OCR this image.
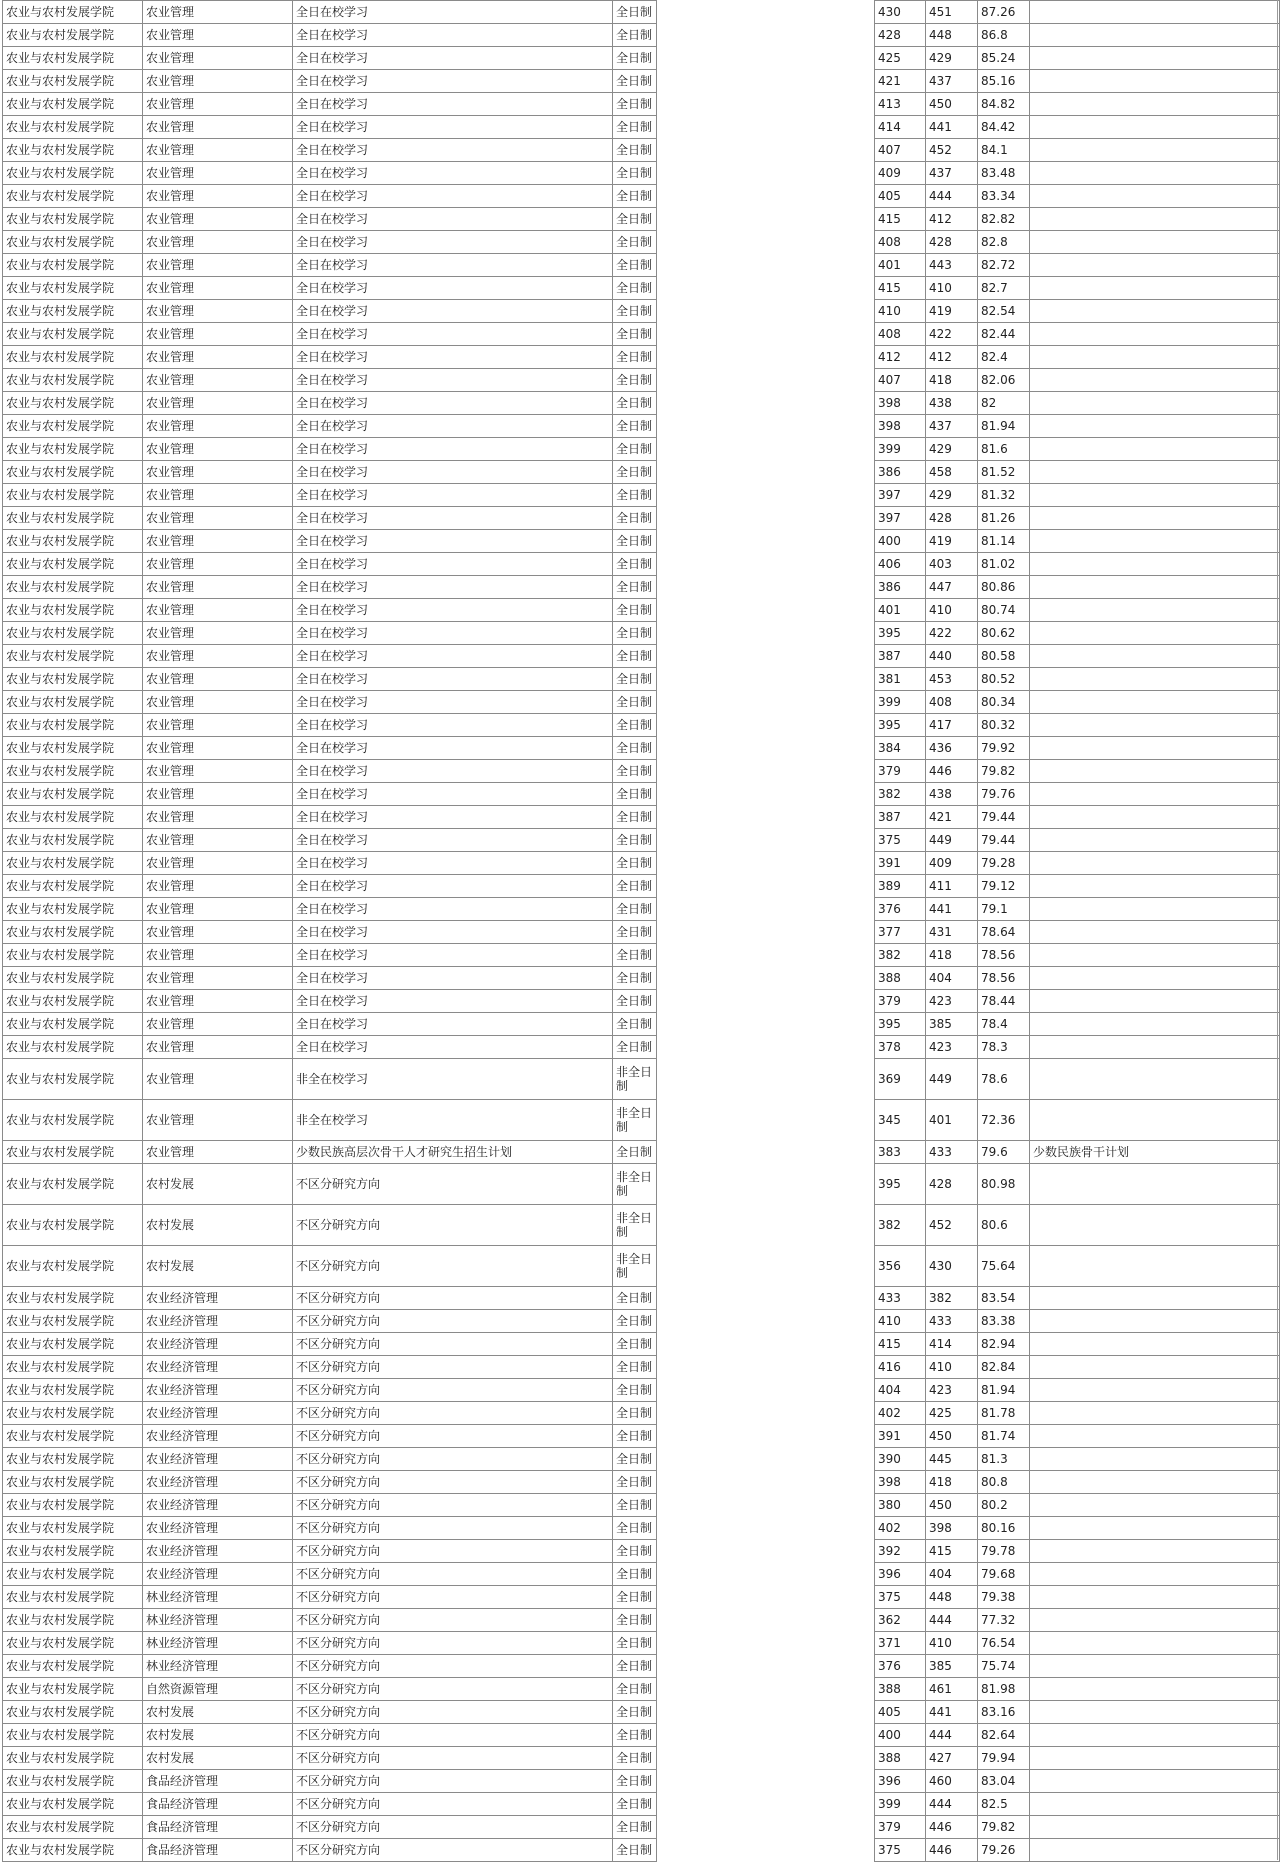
农业与农村发展学院	农业管理	全日在校学习	全日制		430	451	87.26	
农业与农村发展学院	农业管理	全日在校学习	全日制		428	448	86.8	
农业与农村发展学院	农业管理	全日在校学习	全日制		425	429	85.24	
农业与农村发展学院	农业管理	全日在校学习	全日制		421	437	85.16	
农业与农村发展学院	农业管理	全日在校学习	全日制		413	450	84.82	
农业与农村发展学院	农业管理	全日在校学习	全日制		414	441	84.42	
农业与农村发展学院	农业管理	全日在校学习	全日制		407	452	84.1	
农业与农村发展学院	农业管理	全日在校学习	全日制		409	437	83.48	
农业与农村发展学院	农业管理	全日在校学习	全日制		405	444	83.34	
农业与农村发展学院	农业管理	全日在校学习	全日制		415	412	82.82	
农业与农村发展学院	农业管理	全日在校学习	全日制		408	428	82.8	
农业与农村发展学院	农业管理	全日在校学习	全日制		401	443	82.72	
农业与农村发展学院	农业管理	全日在校学习	全日制		415	410	82.7	
农业与农村发展学院	农业管理	全日在校学习	全日制		410	419	82.54	
农业与农村发展学院	农业管理	全日在校学习	全日制		408	422	82.44	
农业与农村发展学院	农业管理	全日在校学习	全日制		412	412	82.4	
农业与农村发展学院	农业管理	全日在校学习	全日制		407	418	82.06	
农业与农村发展学院	农业管理	全日在校学习	全日制		398	438	82	
农业与农村发展学院	农业管理	全日在校学习	全日制		398	437	81.94	
农业与农村发展学院	农业管理	全日在校学习	全日制		399	429	81.6	
农业与农村发展学院	农业管理	全日在校学习	全日制		386	458	81.52	
农业与农村发展学院	农业管理	全日在校学习	全日制		397	429	81.32	
农业与农村发展学院	农业管理	全日在校学习	全日制		397	428	81.26	
农业与农村发展学院	农业管理	全日在校学习	全日制		400	419	81.14	
农业与农村发展学院	农业管理	全日在校学习	全日制		406	403	81.02	
农业与农村发展学院	农业管理	全日在校学习	全日制		386	447	80.86	
农业与农村发展学院	农业管理	全日在校学习	全日制		401	410	80.74	
农业与农村发展学院	农业管理	全日在校学习	全日制		395	422	80.62	
农业与农村发展学院	农业管理	全日在校学习	全日制		387	440	80.58	
农业与农村发展学院	农业管理	全日在校学习	全日制		381	453	80.52	
农业与农村发展学院	农业管理	全日在校学习	全日制		399	408	80.34	
农业与农村发展学院	农业管理	全日在校学习	全日制		395	417	80.32	
农业与农村发展学院	农业管理	全日在校学习	全日制		384	436	79.92	
农业与农村发展学院	农业管理	全日在校学习	全日制		379	446	79.82	
农业与农村发展学院	农业管理	全日在校学习	全日制		382	438	79.76	
农业与农村发展学院	农业管理	全日在校学习	全日制		387	421	79.44	
农业与农村发展学院	农业管理	全日在校学习	全日制		375	449	79.44	
农业与农村发展学院	农业管理	全日在校学习	全日制		391	409	79.28	
农业与农村发展学院	农业管理	全日在校学习	全日制		389	411	79.12	
农业与农村发展学院	农业管理	全日在校学习	全日制		376	441	79.1	
农业与农村发展学院	农业管理	全日在校学习	全日制		377	431	78.64	
农业与农村发展学院	农业管理	全日在校学习	全日制		382	418	78.56	
农业与农村发展学院	农业管理	全日在校学习	全日制		388	404	78.56	
农业与农村发展学院	农业管理	全日在校学习	全日制		379	423	78.44	
农业与农村发展学院	农业管理	全日在校学习	全日制		395	385	78.4	
农业与农村发展学院	农业管理	全日在校学习	全日制		378	423	78.3	
农业与农村发展学院	农业管理	非全在校学习	非全日制		369	449	78.6	
农业与农村发展学院	农业管理	非全在校学习	非全日制		345	401	72.36	
农业与农村发展学院	农业管理	少数民族高层次骨干人才研究生招生计划	全日制		383	433	79.6	少数民族骨干计划
农业与农村发展学院	农村发展	不区分研究方向	非全日制		395	428	80.98	
农业与农村发展学院	农村发展	不区分研究方向	非全日制		382	452	80.6	
农业与农村发展学院	农村发展	不区分研究方向	非全日制		356	430	75.64	
农业与农村发展学院	农业经济管理	不区分研究方向	全日制		433	382	83.54	
农业与农村发展学院	农业经济管理	不区分研究方向	全日制		410	433	83.38	
农业与农村发展学院	农业经济管理	不区分研究方向	全日制		415	414	82.94	
农业与农村发展学院	农业经济管理	不区分研究方向	全日制		416	410	82.84	
农业与农村发展学院	农业经济管理	不区分研究方向	全日制		404	423	81.94	
农业与农村发展学院	农业经济管理	不区分研究方向	全日制		402	425	81.78	
农业与农村发展学院	农业经济管理	不区分研究方向	全日制		391	450	81.74	
农业与农村发展学院	农业经济管理	不区分研究方向	全日制		390	445	81.3	
农业与农村发展学院	农业经济管理	不区分研究方向	全日制		398	418	80.8	
农业与农村发展学院	农业经济管理	不区分研究方向	全日制		380	450	80.2	
农业与农村发展学院	农业经济管理	不区分研究方向	全日制		402	398	80.16	
农业与农村发展学院	农业经济管理	不区分研究方向	全日制		392	415	79.78	
农业与农村发展学院	农业经济管理	不区分研究方向	全日制		396	404	79.68	
农业与农村发展学院	林业经济管理	不区分研究方向	全日制		375	448	79.38	
农业与农村发展学院	林业经济管理	不区分研究方向	全日制		362	444	77.32	
农业与农村发展学院	林业经济管理	不区分研究方向	全日制		371	410	76.54	
农业与农村发展学院	林业经济管理	不区分研究方向	全日制		376	385	75.74	
农业与农村发展学院	自然资源管理	不区分研究方向	全日制		388	461	81.98	
农业与农村发展学院	农村发展	不区分研究方向	全日制		405	441	83.16	
农业与农村发展学院	农村发展	不区分研究方向	全日制		400	444	82.64	
农业与农村发展学院	农村发展	不区分研究方向	全日制		388	427	79.94	
农业与农村发展学院	食品经济管理	不区分研究方向	全日制		396	460	83.04	
农业与农村发展学院	食品经济管理	不区分研究方向	全日制		399	444	82.5	
农业与农村发展学院	食品经济管理	不区分研究方向	全日制		379	446	79.82	
农业与农村发展学院	食品经济管理	不区分研究方向	全日制		375	446	79.26	
